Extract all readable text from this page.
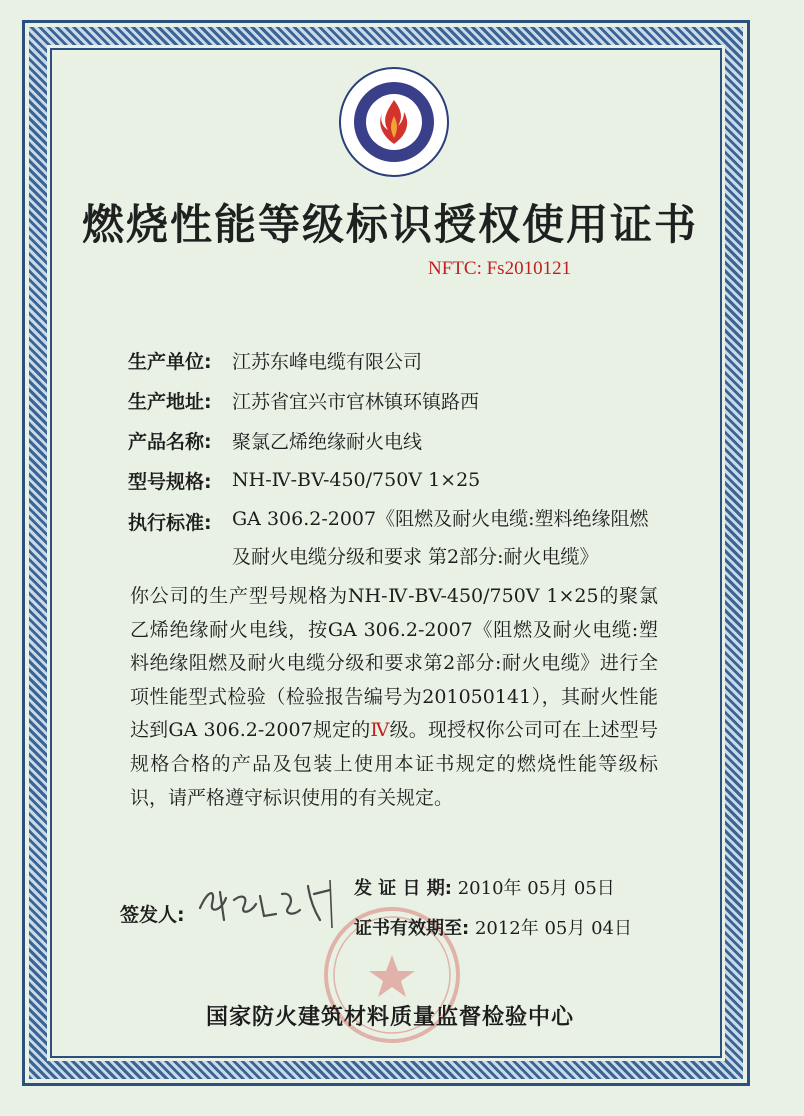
燃烧性能等级标识授权使用证书
NFTC: Fs2010121
生产单位:	江苏东峰电缆有限公司
生产地址:	江苏省宜兴市官林镇环镇路西
产品名称:	聚氯乙烯绝缘耐火电线
型号规格:	NH-Ⅳ-BV-450/750V 1×25
执行标准:	GA 306.2-2007《阻燃及耐火电缆:塑料绝缘阻燃
及耐火电缆分级和要求 第2部分:耐火电缆》
你公司的生产型号规格为NH-Ⅳ-BV-450/750V 1×25的聚氯乙烯绝缘耐火电线，按GA 306.2-2007《阻燃及耐火电缆:塑料绝缘阻燃及耐火电缆分级和要求第2部分:耐火电缆》进行全项性能型式检验（检验报告编号为201050141），其耐火性能达到GA 306.2-2007规定的Ⅳ级。现授权你公司可在上述型号规格合格的产品及包装上使用本证书规定的燃烧性能等级标识，请严格遵守标识使用的有关规定。
签发人:
发 证 日 期: 2010年 05月 05日
证书有效期至: 2012年 05月 04日
国家防火建筑材料质量监督检验中心
